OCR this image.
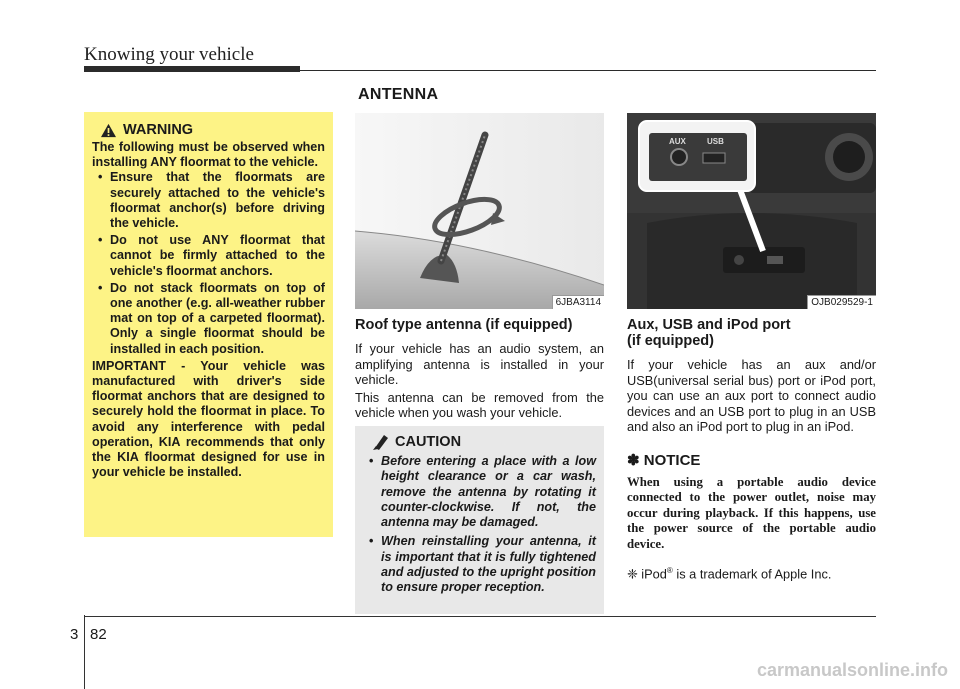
Knowing your vehicle
ANTENNA
WARNING

The following must be observed when installing ANY floormat to the vehicle.

• Ensure that the floormats are securely attached to the vehicle's floormat anchor(s) before driving the vehicle.
• Do not use ANY floormat that cannot be firmly attached to the vehicle's floormat anchors.
• Do not stack floormats on top of one another (e.g. all-weather rubber mat on top of a carpeted floormat). Only a single floormat should be installed in each position.

IMPORTANT - Your vehicle was manufactured with driver's side floormat anchors that are designed to securely hold the floormat in place. To avoid any interference with pedal operation, KIA recommends that only the KIA floormat designed for use in your vehicle be installed.

6JBA3114
AUX	USB
OJB029529-1
Roof type antenna (if equipped)

If your vehicle has an audio system, an amplifying antenna is installed in your vehicle.

This antenna can be removed from the vehicle when you wash your vehicle.

CAUTION
• Before entering a place with a low height clearance or a car wash, remove the antenna by rotating it counter-clockwise. If not, the antenna may be damaged.
• When reinstalling your antenna, it is important that it is fully tightened and adjusted to the upright position to ensure proper reception.
Aux, USB and iPod port
(if equipped)

If your vehicle has an aux and/or USB(universal serial bus) port or iPod port, you can use an aux port to connect audio devices and an USB port to plug in an USB and also an iPod port to plug in an iPod.

✽ NOTICE

When using a portable audio device connected to the power outlet, noise may occur during playback. If this happens, use the power source of the portable audio device.

❈ iPod® is a trademark of Apple Inc.

3 82
carmanualsonline.info
